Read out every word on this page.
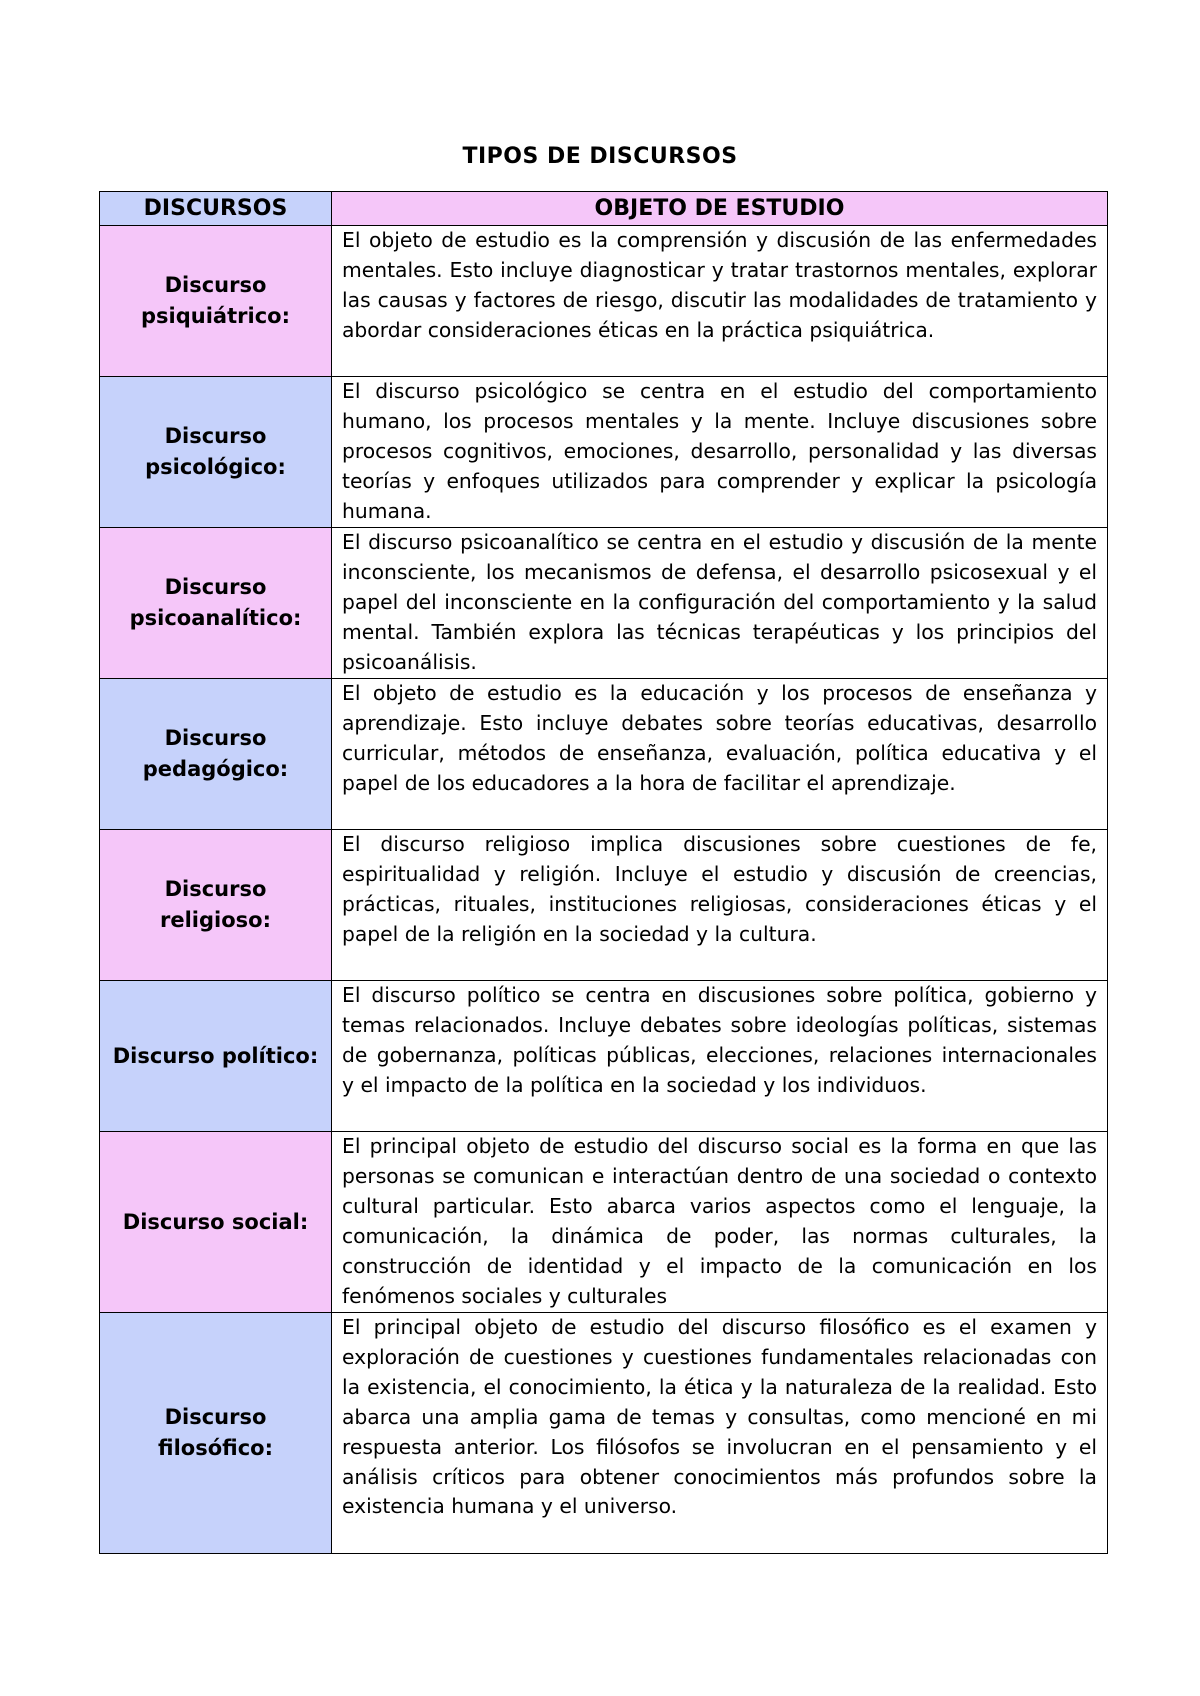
TIPOS DE DISCURSOS
DISCURSOS	OBJETO DE ESTUDIO
Discurso psiquiátrico:	El objeto de estudio es la comprensión y discusión de las enfermedades mentales. Esto incluye diagnosticar y tratar trastornos mentales, explorar las causas y factores de riesgo, discutir las modalidades de tratamiento y abordar consideraciones éticas en la práctica psiquiátrica.
Discurso psicológico:	El discurso psicológico se centra en el estudio del comportamiento humano, los procesos mentales y la mente. Incluye discusiones sobre procesos cognitivos, emociones, desarrollo, personalidad y las diversas teorías y enfoques utilizados para comprender y explicar la psicología humana.
Discurso psicoanalítico:	El discurso psicoanalítico se centra en el estudio y discusión de la mente inconsciente, los mecanismos de defensa, el desarrollo psicosexual y el papel del inconsciente en la configuración del comportamiento y la salud mental. También explora las técnicas terapéuticas y los principios del psicoanálisis.
Discurso pedagógico:	El objeto de estudio es la educación y los procesos de enseñanza y aprendizaje. Esto incluye debates sobre teorías educativas, desarrollo curricular, métodos de enseñanza, evaluación, política educativa y el papel de los educadores a la hora de facilitar el aprendizaje.
Discurso religioso:	El discurso religioso implica discusiones sobre cuestiones de fe, espiritualidad y religión. Incluye el estudio y discusión de creencias, prácticas, rituales, instituciones religiosas, consideraciones éticas y el papel de la religión en la sociedad y la cultura.
Discurso político:	El discurso político se centra en discusiones sobre política, gobierno y temas relacionados. Incluye debates sobre ideologías políticas, sistemas de gobernanza, políticas públicas, elecciones, relaciones internacionales y el impacto de la política en la sociedad y los individuos.
Discurso social:	El principal objeto de estudio del discurso social es la forma en que las personas se comunican e interactúan dentro de una sociedad o contexto cultural particular. Esto abarca varios aspectos como el lenguaje, la comunicación, la dinámica de poder, las normas culturales, la construcción de identidad y el impacto de la comunicación en los fenómenos sociales y culturales
Discurso filosófico:	El principal objeto de estudio del discurso filosófico es el examen y exploración de cuestiones y cuestiones fundamentales relacionadas con la existencia, el conocimiento, la ética y la naturaleza de la realidad. Esto abarca una amplia gama de temas y consultas, como mencioné en mi respuesta anterior. Los filósofos se involucran en el pensamiento y el análisis críticos para obtener conocimientos más profundos sobre la existencia humana y el universo.
